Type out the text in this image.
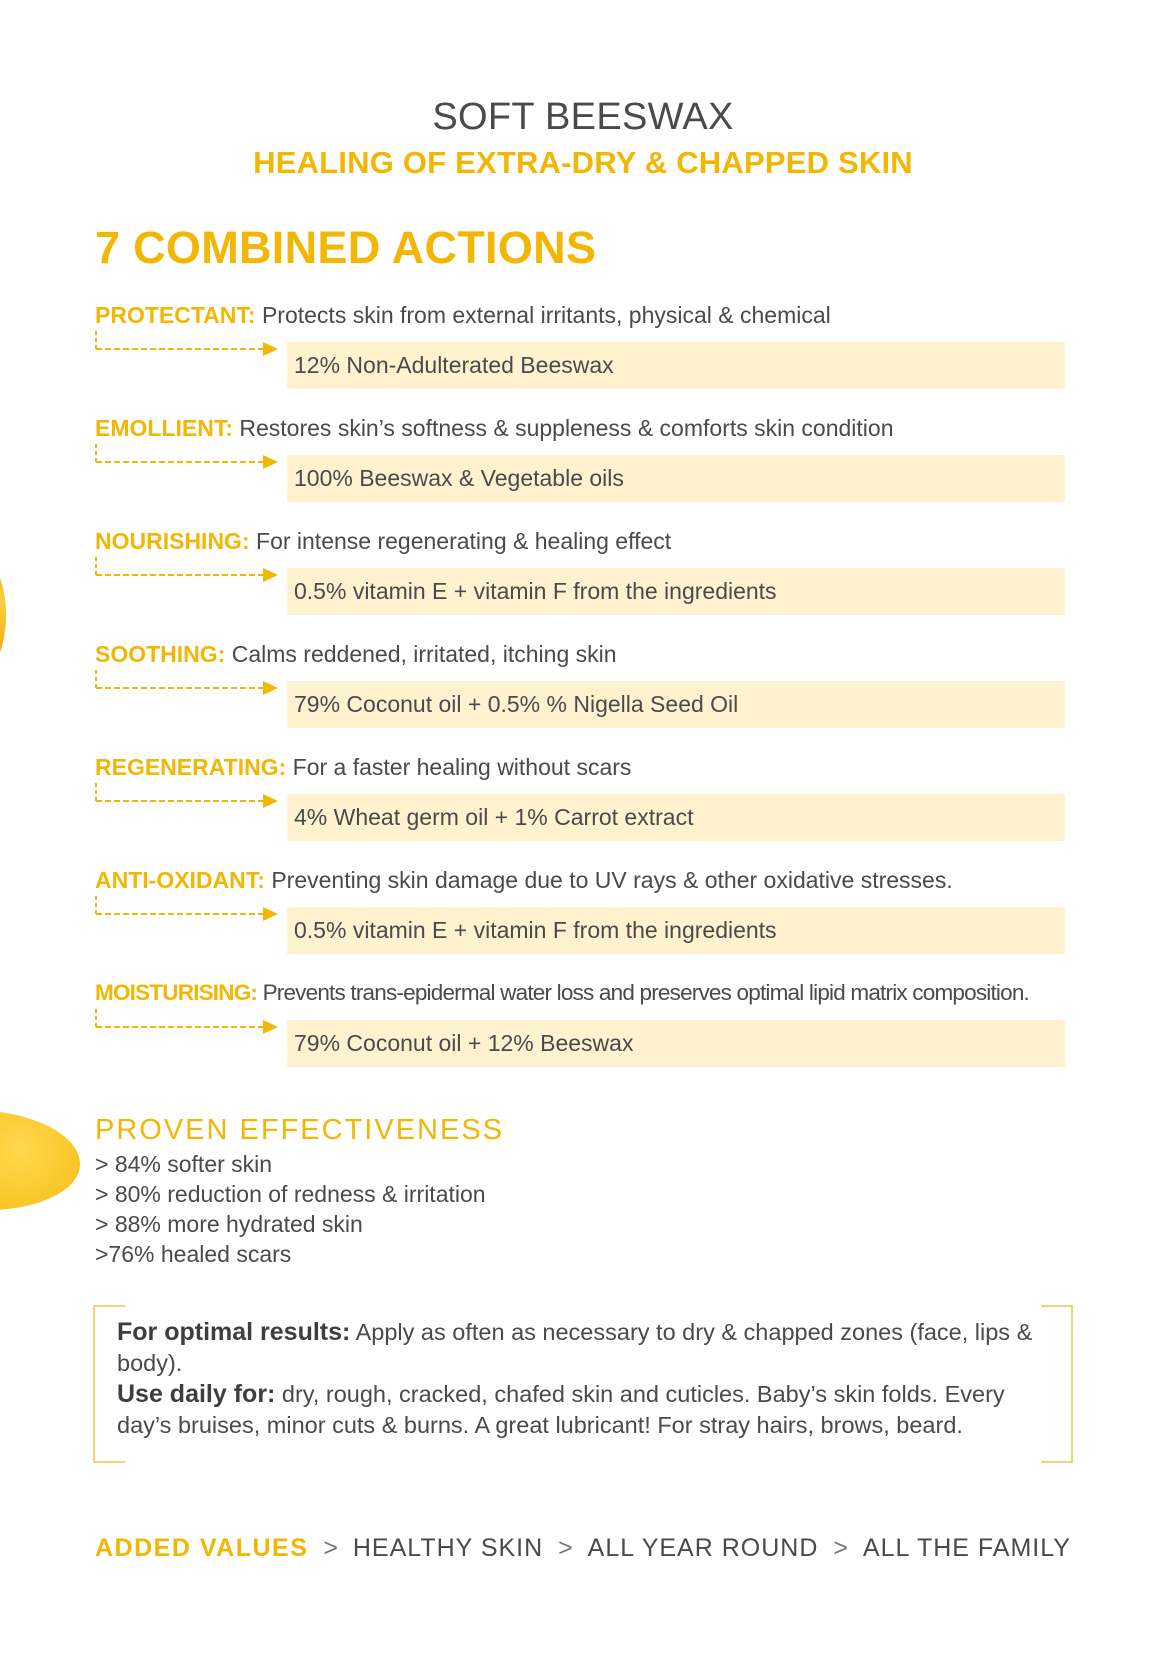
SOFT BEESWAX
HEALING OF EXTRA-DRY & CHAPPED SKIN
7 COMBINED ACTIONS
PROTECTANT: Protects skin from external irritants, physical & chemical
12% Non-Adulterated Beeswax
EMOLLIENT: Restores skin’s softness & suppleness & comforts skin condition
100% Beeswax & Vegetable oils
NOURISHING: For intense regenerating & healing effect
0.5% vitamin E + vitamin F from the ingredients
SOOTHING: Calms reddened, irritated, itching skin
79% Coconut oil + 0.5% % Nigella Seed Oil
REGENERATING: For a faster healing without scars
4% Wheat germ oil + 1% Carrot extract
ANTI-OXIDANT: Preventing skin damage due to UV rays & other oxidative stresses.
0.5% vitamin E + vitamin F from the ingredients
MOISTURISING: Prevents trans-epidermal water loss and preserves optimal lipid matrix composition.
79% Coconut oil + 12% Beeswax
PROVEN EFFECTIVENESS
> 84% softer skin
> 80% reduction of redness & irritation
> 88% more hydrated skin
>76% healed scars
For optimal results: Apply as often as necessary to dry & chapped zones (face, lips & body).
Use daily for: dry, rough, cracked, chafed skin and cuticles. Baby’s skin folds. Every day’s bruises, minor cuts & burns. A great lubricant! For stray hairs, brows, beard.
ADDED VALUES > HEALTHY SKIN > ALL YEAR ROUND > ALL THE FAMILY
